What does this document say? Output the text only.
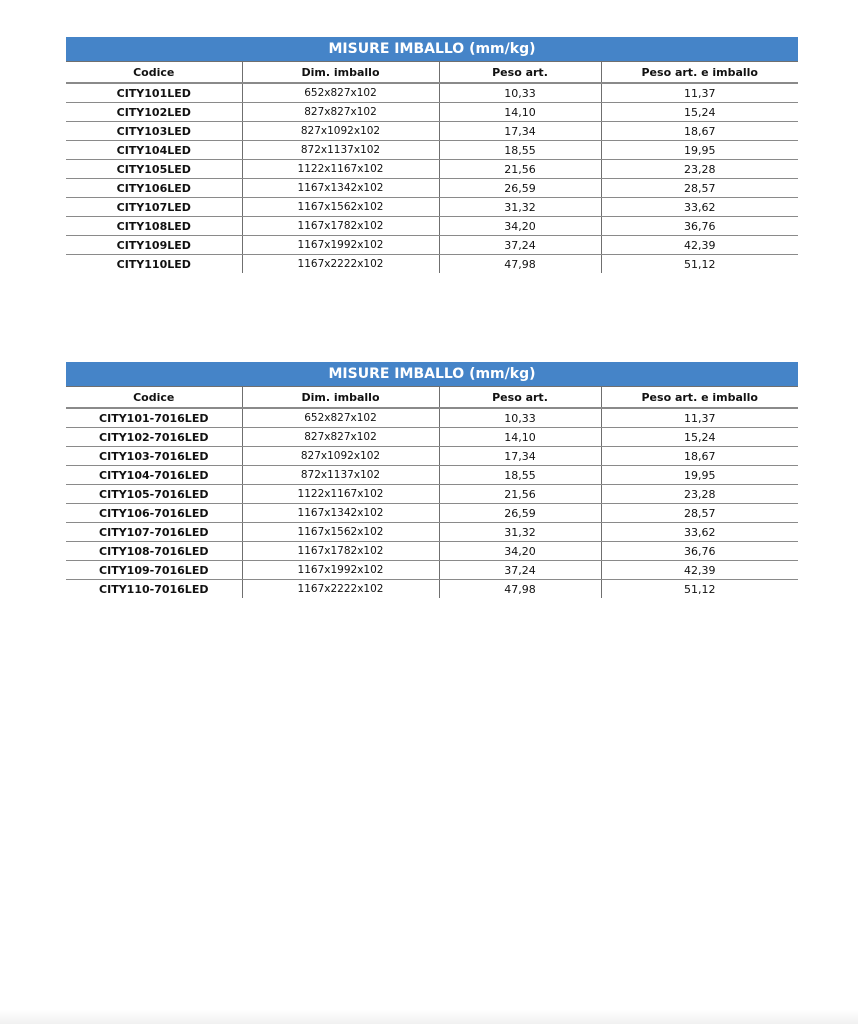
MISURE IMBALLO (mm/kg)			
Codice	Dim. imballo	Peso art.	Peso art. e imballo
CITY101LED	652x827x102	10,33	11,37
CITY102LED	827x827x102	14,10	15,24
CITY103LED	827x1092x102	17,34	18,67
CITY104LED	872x1137x102	18,55	19,95
CITY105LED	1122x1167x102	21,56	23,28
CITY106LED	1167x1342x102	26,59	28,57
CITY107LED	1167x1562x102	31,32	33,62
CITY108LED	1167x1782x102	34,20	36,76
CITY109LED	1167x1992x102	37,24	42,39
CITY110LED	1167x2222x102	47,98	51,12
MISURE IMBALLO (mm/kg)			
Codice	Dim. imballo	Peso art.	Peso art. e imballo
CITY101-7016LED	652x827x102	10,33	11,37
CITY102-7016LED	827x827x102	14,10	15,24
CITY103-7016LED	827x1092x102	17,34	18,67
CITY104-7016LED	872x1137x102	18,55	19,95
CITY105-7016LED	1122x1167x102	21,56	23,28
CITY106-7016LED	1167x1342x102	26,59	28,57
CITY107-7016LED	1167x1562x102	31,32	33,62
CITY108-7016LED	1167x1782x102	34,20	36,76
CITY109-7016LED	1167x1992x102	37,24	42,39
CITY110-7016LED	1167x2222x102	47,98	51,12
